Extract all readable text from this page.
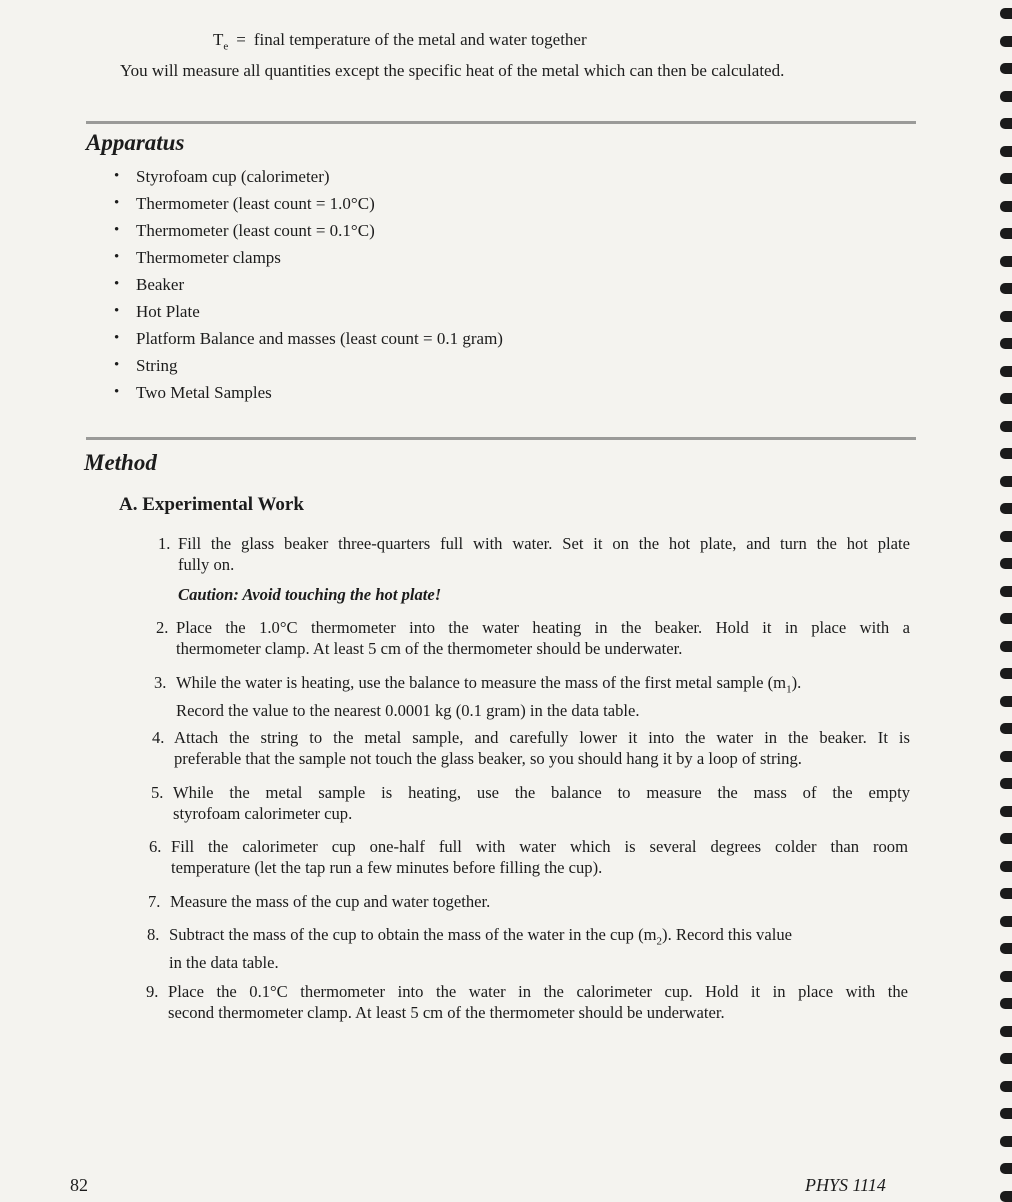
$T_e$ = final temperature of the metal and water together
You will measure all quantities except the specific heat of the metal which can then be calculated.
Apparatus
• Styrofoam cup (calorimeter)
• Thermometer (least count = 1.0°C)
• Thermometer (least count = 0.1°C)
• Thermometer clamps
• Beaker
• Hot Plate
• Platform Balance and masses (least count = 0.1 gram)
• String
• Two Metal Samples
Method
A. Experimental Work
1. Fill the glass beaker three-quarters full with water. Set it on the hot plate, and turn the hot plate
fully on.
Caution: Avoid touching the hot plate!
2. Place the 1.0°C thermometer into the water heating in the beaker. Hold it in place with a
thermometer clamp. At least 5 cm of the thermometer should be underwater.
3. While the water is heating, use the balance to measure the mass of the first metal sample $(m_1)$.
Record the value to the nearest 0.0001 kg (0.1 gram) in the data table.
4. Attach the string to the metal sample, and carefully lower it into the water in the beaker. It is
preferable that the sample not touch the glass beaker, so you should hang it by a loop of string.
5. While the metal sample is heating, use the balance to measure the mass of the empty
styrofoam calorimeter cup.
6. Fill the calorimeter cup one-half full with water which is several degrees colder than room
temperature (let the tap run a few minutes before filling the cup).
7. Measure the mass of the cup and water together.
8. Subtract the mass of the cup to obtain the mass of the water in the cup $(m_2)$. Record this value
in the data table.
9. Place the 0.1°C thermometer into the water in the calorimeter cup. Hold it in place with the
second thermometer clamp. At least 5 cm of the thermometer should be underwater.
82	PHYS 1114
